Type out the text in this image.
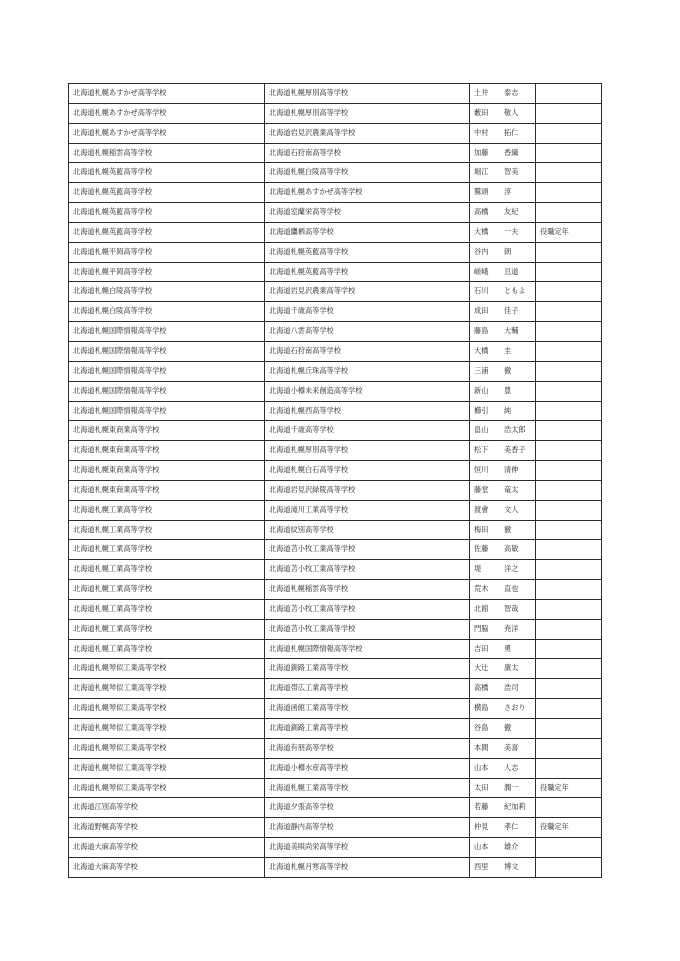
北海道札幌あすかぜ高等学校	北海道札幌厚別高等学校	土井 泰志	
北海道札幌あすかぜ高等学校	北海道札幌厚別高等学校	藪田 敬人	
北海道札幌あすかぜ高等学校	北海道岩見沢農業高等学校	中村 拓仁	
北海道札幌稲雲高等学校	北海道石狩南高等学校	加藤 香織	
北海道札幌英藍高等学校	北海道札幌白陵高等学校	堀江 智美	
北海道札幌英藍高等学校	北海道札幌あすかぜ高等学校	鷲頭 淳	
北海道札幌英藍高等学校	北海道室蘭栄高等学校	高橋 友紀	
北海道札幌英藍高等学校	北海道鷹栖高等学校	大橋 一夫	役職定年
北海道札幌平岡高等学校	北海道札幌英藍高等学校	谷内 朗	
北海道札幌平岡高等学校	北海道札幌英藍高等学校	嵯峨 亘道	
北海道札幌白陵高等学校	北海道岩見沢農業高等学校	石川 ともよ	
北海道札幌白陵高等学校	北海道千歳高等学校	成田 佳子	
北海道札幌国際情報高等学校	北海道八雲高等学校	藤島 大輔	
北海道札幌国際情報高等学校	北海道石狩南高等学校	大橋 圭	
北海道札幌国際情報高等学校	北海道札幌丘珠高等学校	三浦 徹	
北海道札幌国際情報高等学校	北海道小樽未来創造高等学校	新山 豊	
北海道札幌国際情報高等学校	北海道札幌西高等学校	櫛引 純	
北海道札幌東商業高等学校	北海道千歳高等学校	畠山 浩太郎	
北海道札幌東商業高等学校	北海道札幌厚別高等学校	松下 美香子	
北海道札幌東商業高等学校	北海道札幌白石高等学校	恒川 清伸	
北海道札幌東商業高等学校	北海道岩見沢緑陵高等学校	藤堂 竜太	
北海道札幌工業高等学校	北海道滝川工業高等学校	渡會 文人	
北海道札幌工業高等学校	北海道紋別高等学校	梅田 徹	
北海道札幌工業高等学校	北海道苫小牧工業高等学校	佐藤 高敏	
北海道札幌工業高等学校	北海道苫小牧工業高等学校	堤 洋之	
北海道札幌工業高等学校	北海道札幌稲雲高等学校	荒木 直也	
北海道札幌工業高等学校	北海道苫小牧工業高等学校	北館 智哉	
北海道札幌工業高等学校	北海道苫小牧工業高等学校	門脇 尭洋	
北海道札幌工業高等学校	北海道札幌国際情報高等学校	吉田 勇	
北海道札幌琴似工業高等学校	北海道釧路工業高等学校	大辻 康太	
北海道札幌琴似工業高等学校	北海道帯広工業高等学校	高橋 浩司	
北海道札幌琴似工業高等学校	北海道函館工業高等学校	横島 さおり	
北海道札幌琴似工業高等学校	北海道釧路工業高等学校	谷島 徹	
北海道札幌琴似工業高等学校	北海道有朋高等学校	本間 美喜	
北海道札幌琴似工業高等学校	北海道小樽水産高等学校	山本 人志	
北海道札幌琴似工業高等学校	北海道札幌工業高等学校	太田 潤一	役職定年
北海道江別高等学校	北海道夕張高等学校	若藤 紀加莉	
北海道野幌高等学校	北海道静内高等学校	仲見 孝仁	役職定年
北海道大麻高等学校	北海道美唄尚栄高等学校	山本 雄介	
北海道大麻高等学校	北海道札幌月寒高等学校	西里 博文	
